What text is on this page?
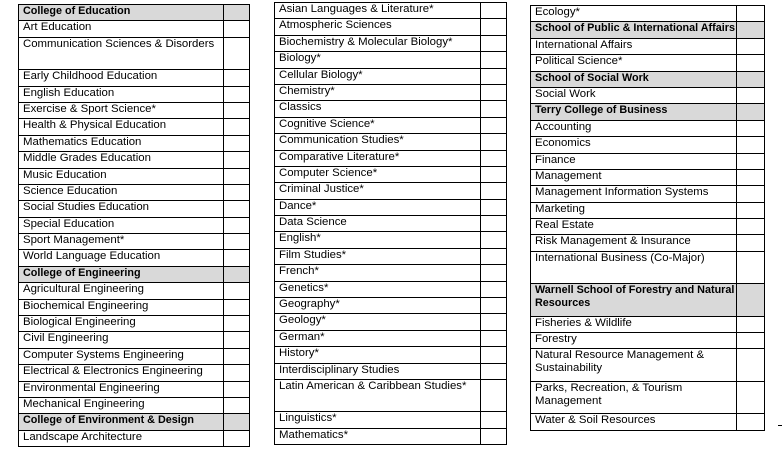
College of Education	
Art Education	
Communication Sciences & Disorders	
Early Childhood Education	
English Education	
Exercise & Sport Science*	
Health & Physical Education	
Mathematics Education	
Middle Grades Education	
Music Education	
Science Education	
Social Studies Education	
Special Education	
Sport Management*	
World Language Education	
College of Engineering	
Agricultural Engineering	
Biochemical Engineering	
Biological Engineering	
Civil Engineering	
Computer Systems Engineering	
Electrical & Electronics Engineering	
Environmental Engineering	
Mechanical Engineering	
College of Environment & Design	
Landscape Architecture	
Asian Languages & Literature*	
Atmospheric Sciences	
Biochemistry & Molecular Biology*	
Biology*	
Cellular Biology*	
Chemistry*	
Classics	
Cognitive Science*	
Communication Studies*	
Comparative Literature*	
Computer Science*	
Criminal Justice*	
Dance*	
Data Science	
English*	
Film Studies*	
French*	
Genetics*	
Geography*	
Geology*	
German*	
History*	
Interdisciplinary Studies	
Latin American & Caribbean Studies*	
Linguistics*	
Mathematics*	
Ecology*	
School of Public & International Affairs	
International Affairs	
Political Science*	
School of Social Work	
Social Work	
Terry College of Business	
Accounting	
Economics	
Finance	
Management	
Management Information Systems	
Marketing	
Real Estate	
Risk Management & Insurance	
International Business (Co-Major)	
Warnell School of Forestry and Natural Resources	
Fisheries & Wildlife	
Forestry	
Natural Resource Management & Sustainability	
Parks, Recreation, & Tourism Management	
Water & Soil Resources	
